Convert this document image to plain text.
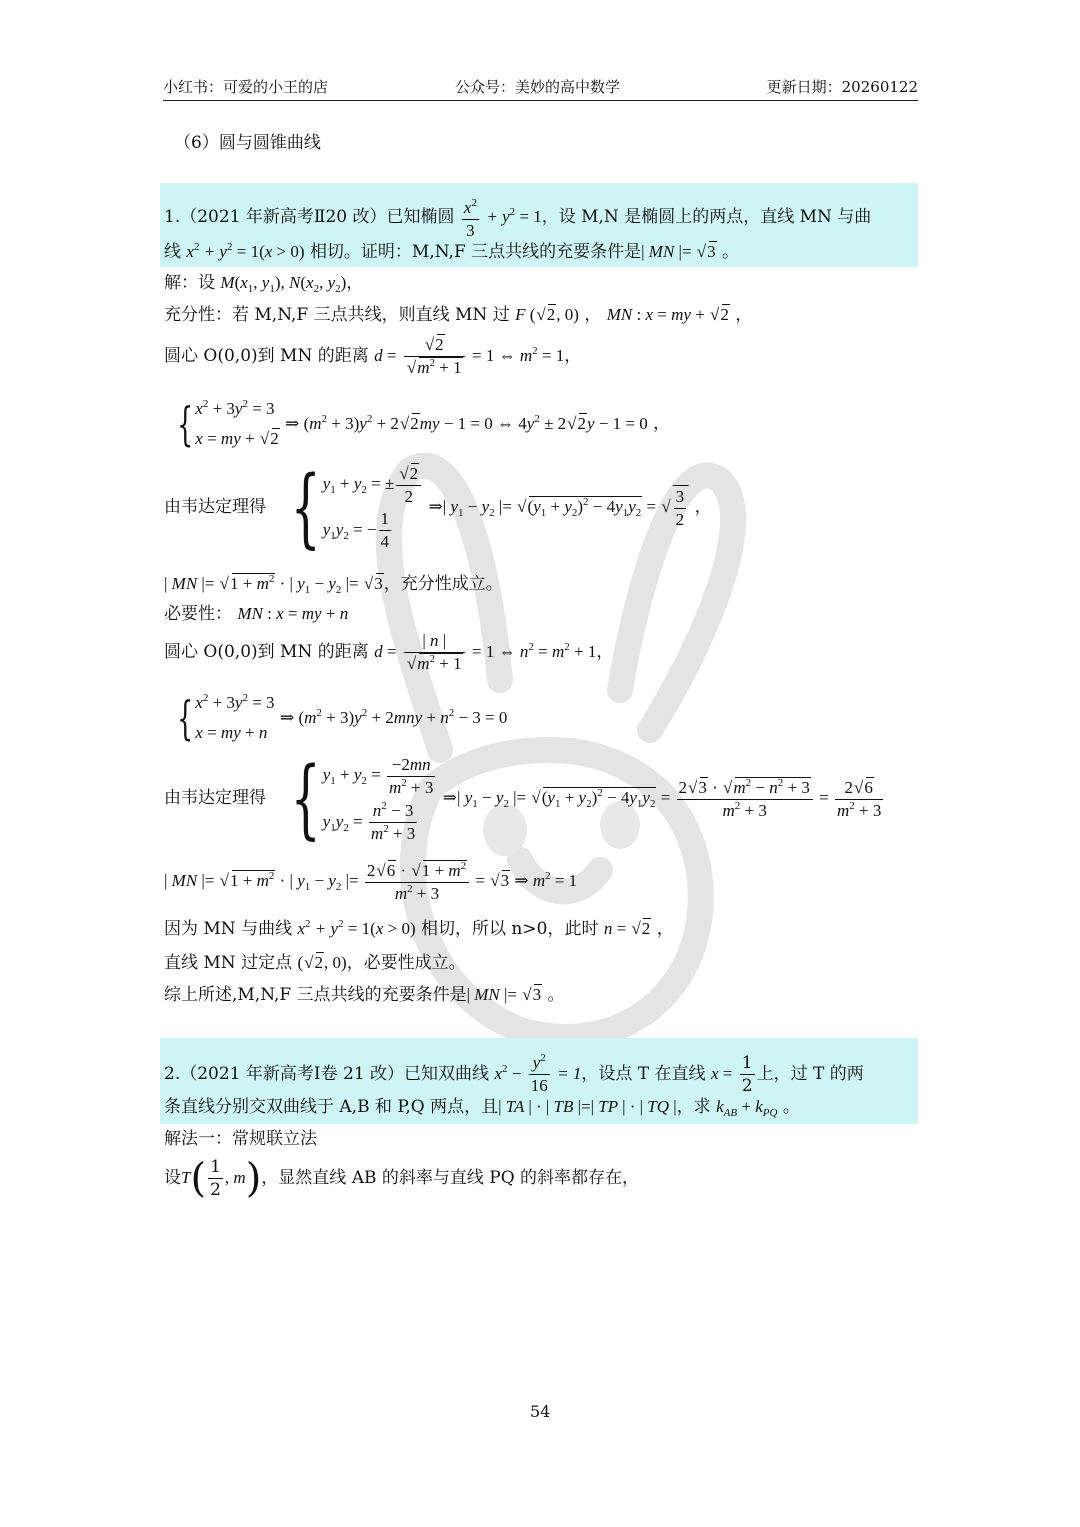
小红书：可爱的小王的店	公众号：美妙的高中数学	更新日期：20260122
（6）圆与圆锥曲线
1.（2021 年新高考Ⅱ20 改）已知椭圆 $\frac{x^2}{3} + y^2 = 1$，设 M,N 是椭圆上的两点，直线 MN 与曲
线 $x^2 + y^2 = 1(x > 0)$ 相切。证明：M,N,F 三点共线的充要条件是| MN |= √ 3 。
解：设 $M(x_1$, $y_1$), $N(x_2$, $y_2$)，
充分性：若 M,N,F 三点共线，则直线 MN 过 F (√ 2, 0) ， MN : x = my + √ 2 ，
圆心 O(0,0)到 MN 的距离 d =
√ 2
√ $m^2 + 1 = 1$ ⇔ $m^2 = 1$，
{ $x^2 + 3y^2 = 3$
x = my + √ 2
⇒ $(m^2 + 3)y^2 + 2√$ 2my − 1 = 0 ⇔ $4y^2 \pm 2√$ 2y − 1 = 0 ，
由韦达定理得 { $y_1 + y_2$ = ±
√ $\frac{2}{2}$
$y_1y_2$ = − $\frac{1}{4}$
⇒| $y_1 - y_2$ |= √ $(y_1 + y_2)^2 - 4y_1y_2$ =
√ $\frac{3}{2}$ ，
| MN |= √ $1 + m^2$ · | $y_1 - y_2$ |= √ 3，充分性成立。
必要性： MN : x = my + n
圆心 O(0,0)到 MN 的距离 d = | n |
√ $m^2 + 1 = 1$ ⇔ $n^2 = m^2 + 1$，
{ $x^2 + 3y^2 = 3$
x = my + n
⇒ $(m^2 + 3)y^2 + 2mny + n^2 - 3 = 0$
由韦达定理得 { $y_1 + y_2 = \frac{-2mn}{m^2 + 3}$
$y_1y_2 = \frac{n^2 - 3}{m^2 + 3}$
⇒| $y_1 - y_2$ |= √ $(y_1 + y_2)^2 - 4y_1y_2 = \frac{2√ 3 \cdot √ m^2 - n^2 + 3}{m^2 + 3} = \frac{2√ 6}{m^2 + 3}$
| MN |= √ $1 + m^2$ · | $y_1 - y_2$ |= $\frac{2√ 6 \cdot √ 1 + m^2}{m^2 + 3}$ = √ 3 ⇒ $m^2 = 1$
因为 MN 与曲线 $x^2 + y^2 = 1(x > 0)$ 相切，所以 n>0，此时 n = √ 2 ，
直线 MN 过定点 (√ 2, 0)，必要性成立。
综上所述,M,N,F 三点共线的充要条件是| MN |= √ 3 。
2.（2021 年新高考Ⅰ卷 21 改）已知双曲线 $x^2 - \frac{y^2}{16} = 1$，设点 T 在直线 $x = \frac{1}{2}$ 上，过 T 的两
条直线分别交双曲线于 A,B 和 P,Q 两点，且| TA | · | TB |=| TP | · | TQ |，求 $k_{AB} + k_{PQ}$ 。
解法一：常规联立法
设$T( \frac{1}{2}$ , m)，显然直线 AB 的斜率与直线 PQ 的斜率都存在，
54
